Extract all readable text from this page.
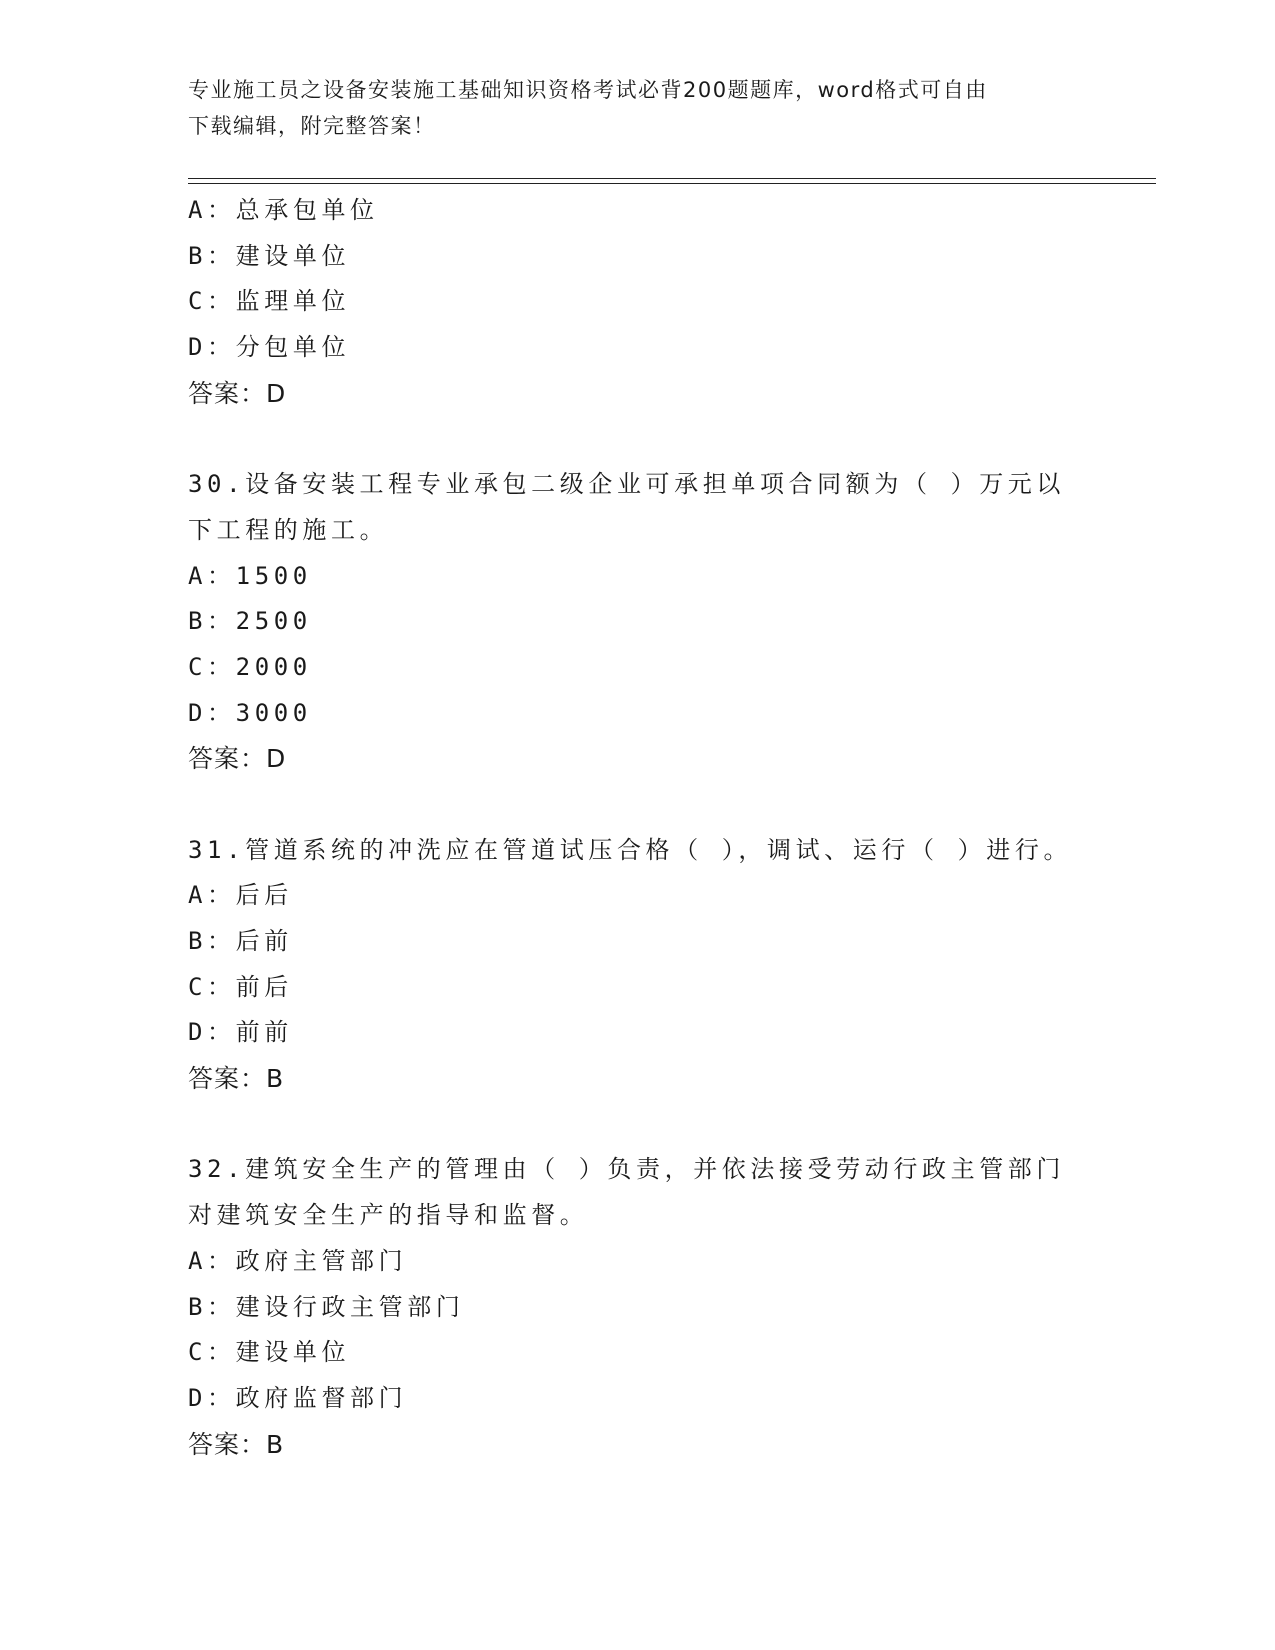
专业施工员之设备安装施工基础知识资格考试必背200题题库，word格式可自由
下载编辑，附完整答案！
A：总承包单位
B：建设单位
C：监理单位
D：分包单位
答案：D
30.设备安装工程专业承包二级企业可承担单项合同额为（ ）万元以
下工程的施工。
A：1500
B：2500
C：2000
D：3000
答案：D
31.管道系统的冲洗应在管道试压合格（ ），调试、运行（ ）进行。
A：后后
B：后前
C：前后
D：前前
答案：B
32.建筑安全生产的管理由（ ）负责，并依法接受劳动行政主管部门
对建筑安全生产的指导和监督。
A：政府主管部门
B：建设行政主管部门
C：建设单位
D：政府监督部门
答案：B
